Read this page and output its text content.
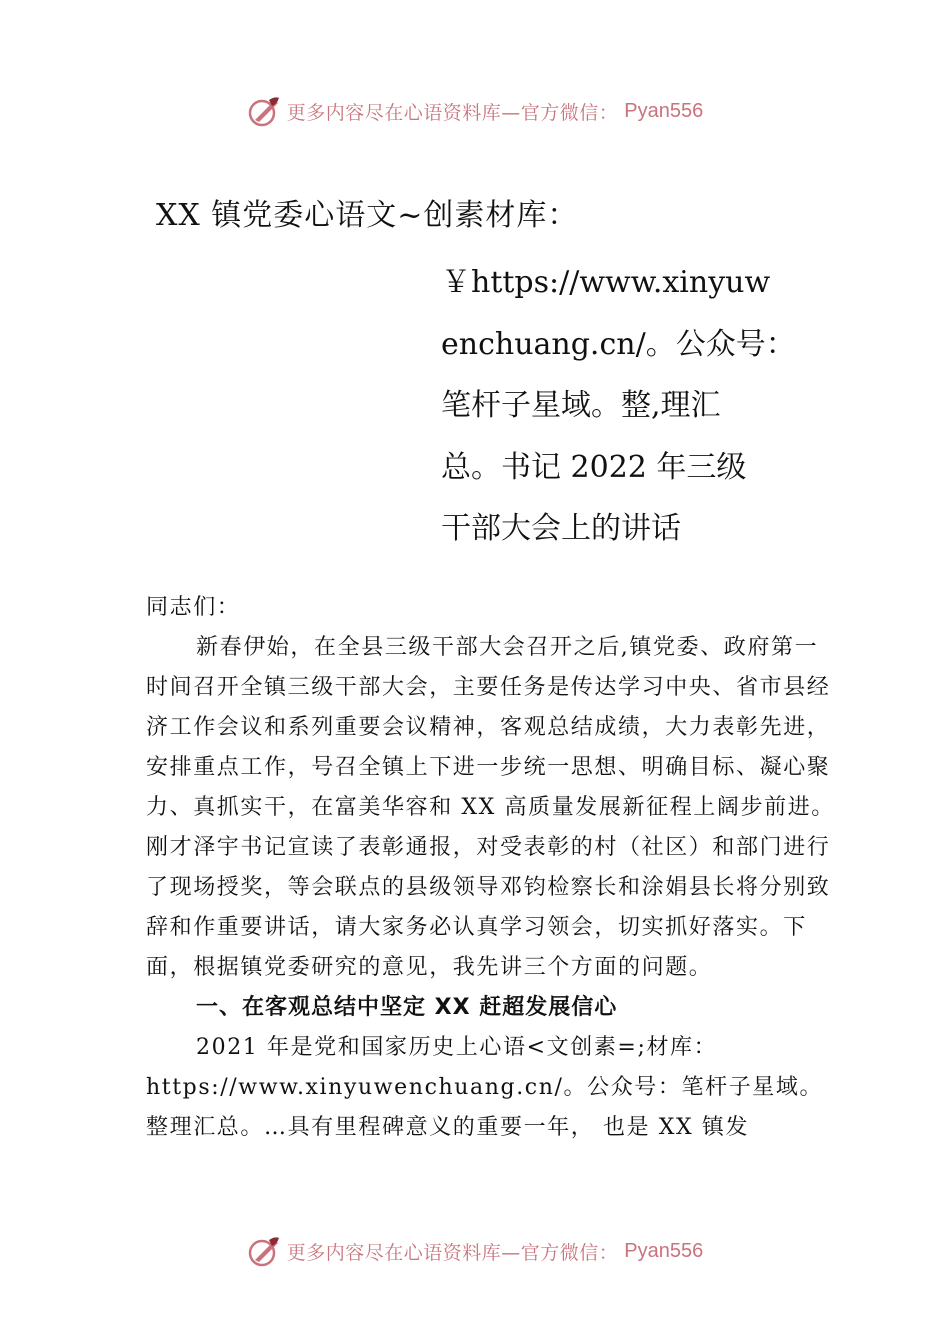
更多内容尽在心语资料库—官方微信： Pyan556
XX 镇党委心语文~创素材库：
￥https://www.xinyuw
enchuang.cn/。公众号：
笔杆子星域。整,理汇
总。书记 2022 年三级
干部大会上的讲话

同志们：

新春伊始，在全县三级干部大会召开之后,镇党委、政府第一时间召开全镇三级干部大会，主要任务是传达学习中央、省市县经济工作会议和系列重要会议精神，客观总结成绩，大力表彰先进，安排重点工作，号召全镇上下进一步统一思想、明确目标、凝心聚力、真抓实干，在富美华容和 XX 高质量发展新征程上阔步前进。刚才泽宇书记宣读了表彰通报，对受表彰的村（社区）和部门进行了现场授奖，等会联点的县级领导邓钧检察长和涂娟县长将分别致辞和作重要讲话，请大家务必认真学习领会，切实抓好落实。下面，根据镇党委研究的意见，我先讲三个方面的问题。

一、在客观总结中坚定 XX 赶超发展信心

2021 年是党和国家历史上心语<文创素=;材库：

https://www.xinyuwenchuang.cn/。公众号：笔杆子星域。

整理汇总。…具有里程碑意义的重要一年， 也是 XX 镇发

更多内容尽在心语资料库—官方微信： Pyan556
